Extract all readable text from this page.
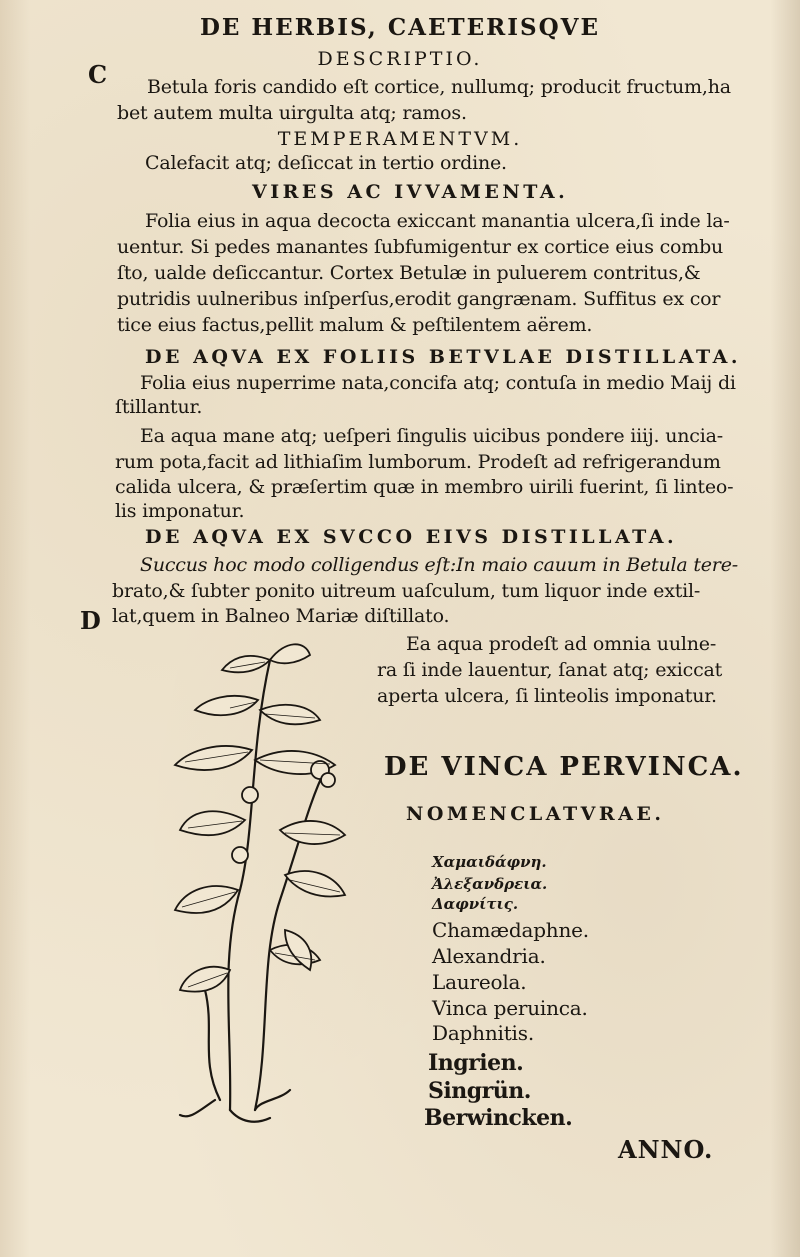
DE HERBIS, CAETERISQVE
C
DESCRIPTIO.
Betula foris candido eſt cortice, nullumq; producit fructum,ha
bet autem multa uirgulta atq; ramos.
TEMPERAMENTVM.
Calefacit atq; deſiccat in tertio ordine.
VIRES AC IVVAMENTA.
Folia eius in aqua decocta exiccant manantia ulcera,ſi inde la-
uentur. Si pedes manantes ſubfumigentur ex cortice eius combu
ſto, ualde deſiccantur. Cortex Betulæ in puluerem contritus,&
putridis uulneribus inſperſus,erodit gangrænam. Suffitus ex cor
tice eius factus,pellit malum & peſtilentem aërem.
DE AQVA EX FOLIIS BETVLAE DISTILLATA.
Folia eius nuperrime nata,concifa atq; contuſa in medio Maij di
ſtillantur.
Ea aqua mane atq; ueſperi ſingulis uicibus pondere iiij. uncia-
rum pota,facit ad lithiaſim lumborum. Prodeſt ad refrigerandum
calida ulcera, & præſertim quæ in membro uirili fuerint, ſi linteo-
lis imponatur.
DE AQVA EX SVCCO EIVS DISTILLATA.
Succus hoc modo colligendus eſt:In maio cauum in Betula tere-
brato,& ſubter ponito uitreum uaſculum, tum liquor inde extil-
lat,quem in Balneo Mariæ diſtillato.
D
Ea aqua prodeſt ad omnia uulne-
ra ſi inde lauentur, ſanat atq; exiccat
aperta ulcera, ſi linteolis imponatur.
DE VINCA PERVINCA.
NOMENCLATVRAE.
Χαμαιδάφνη.
Ἀλεξανδρεια.
Δαφνίτις.
Chamædaphne.
Alexandria.
Laureola.
Vinca peruinca.
Daphnitis.
Ingrien.
Singrün.
Berwincken.
ANNO.
